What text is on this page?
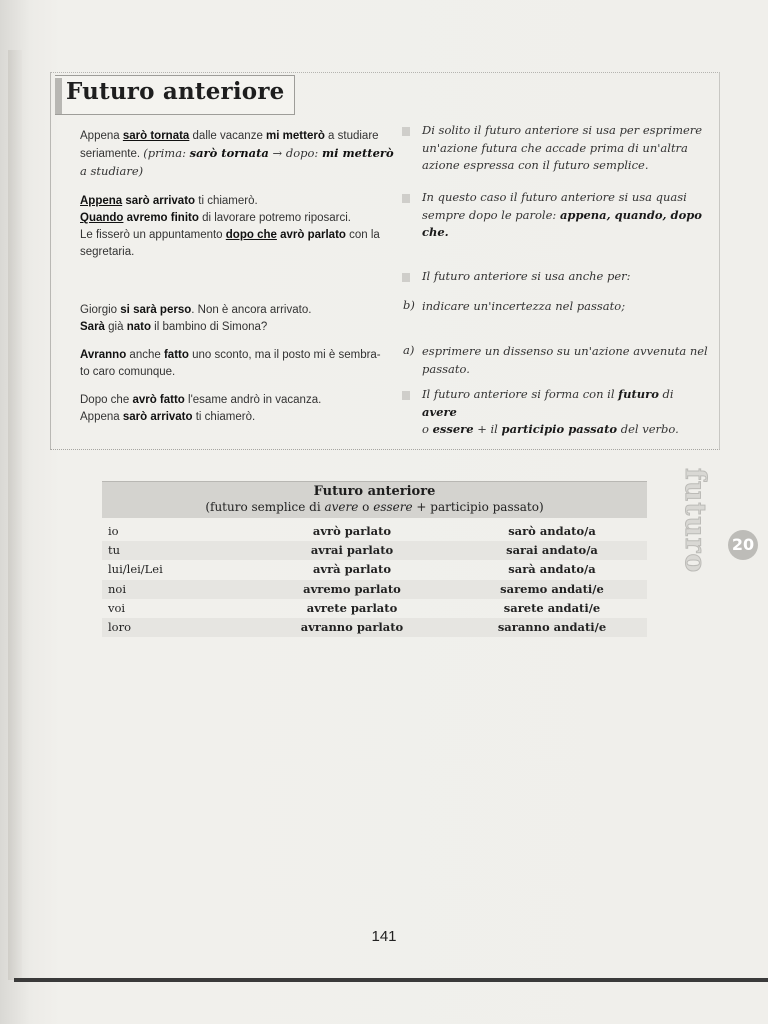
Futuro anteriore
Appena sarò tornata dalle vacanze mi metterò a studiare
seriamente. (prima: sarò tornata → dopo: mi metterò
a studiare)
Appena sarò arrivato ti chiamerò.
Quando avremo finito di lavorare potremo riposarci.
Le fisserò un appuntamento dopo che avrò parlato con la
segretaria.
Giorgio si sarà perso. Non è ancora arrivato.
Sarà già nato il bambino di Simona?
Avranno anche fatto uno sconto, ma il posto mi è sembra-
to caro comunque.
Dopo che avrò fatto l'esame andrò in vacanza.
Appena sarò arrivato ti chiamerò.
Di solito il futuro anteriore si usa per esprimere
un'azione futura che accade prima di un'altra
azione espressa con il futuro semplice.
In questo caso il futuro anteriore si usa quasi
sempre dopo le parole: appena, quando, dopo
che.
Il futuro anteriore si usa anche per:
b) indicare un'incertezza nel passato;
a) esprimere un dissenso su un'azione avvenuta nel
passato.
Il futuro anteriore si forma con il futuro di avere
o essere + il participio passato del verbo.
Futuro anteriore
(futuro semplice di avere o essere + participio passato)
io	avrò parlato	sarò andato/a
tu	avrai parlato	sarai andato/a
lui/lei/Lei	avrà parlato	sarà andato/a
noi	avremo parlato	saremo andati/e
voi	avrete parlato	sarete andati/e
loro	avranno parlato	saranno andati/e
futuro 20
141
